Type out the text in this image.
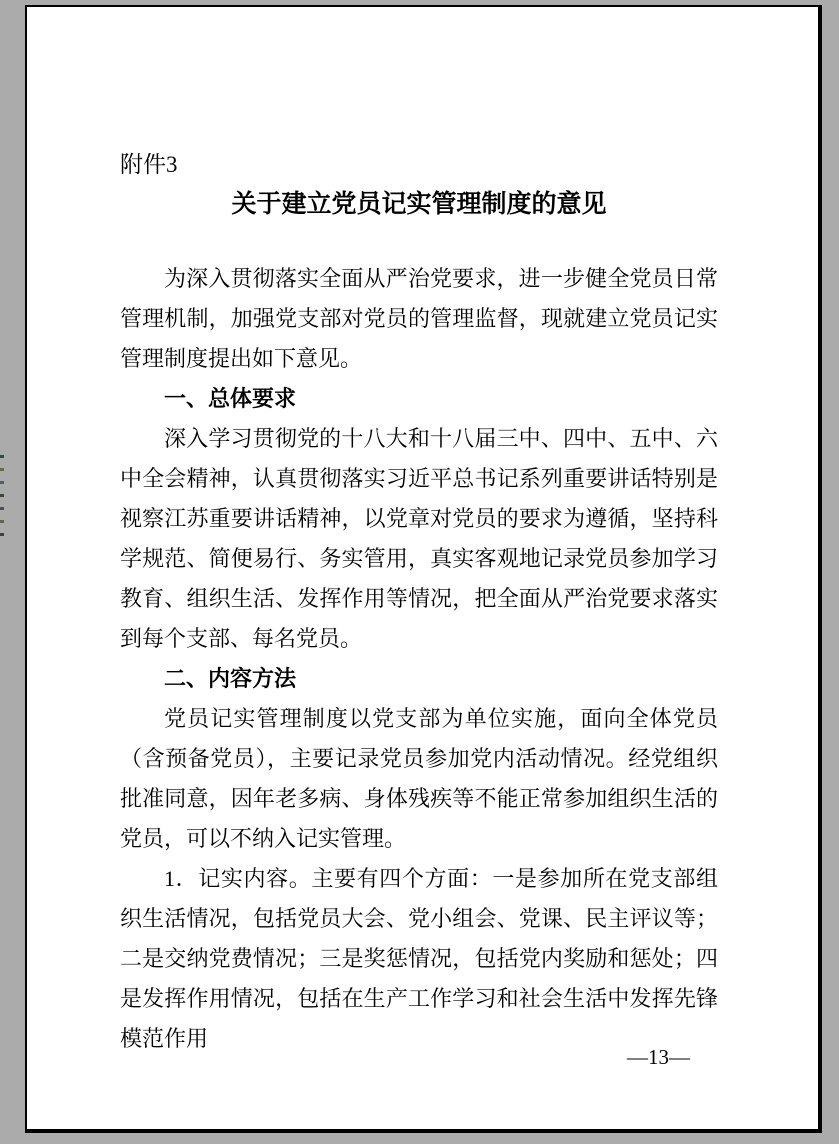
附件3
关于建立党员记实管理制度的意见
为深入贯彻落实全面从严治党要求，进一步健全党员日常管理机制，加强党支部对党员的管理监督，现就建立党员记实管理制度提出如下意见。
一、总体要求
深入学习贯彻党的十八大和十八届三中、四中、五中、六中全会精神，认真贯彻落实习近平总书记系列重要讲话特别是视察江苏重要讲话精神，以党章对党员的要求为遵循，坚持科学规范、简便易行、务实管用，真实客观地记录党员参加学习教育、组织生活、发挥作用等情况，把全面从严治党要求落实到每个支部、每名党员。
二、内容方法
党员记实管理制度以党支部为单位实施，面向全体党员（含预备党员），主要记录党员参加党内活动情况。经党组织批准同意，因年老多病、身体残疾等不能正常参加组织生活的党员，可以不纳入记实管理。
1．记实内容。主要有四个方面：一是参加所在党支部组织生活情况，包括党员大会、党小组会、党课、民主评议等；二是交纳党费情况；三是奖惩情况，包括党内奖励和惩处；四是发挥作用情况，包括在生产工作学习和社会生活中发挥先锋模范作用
—13—
